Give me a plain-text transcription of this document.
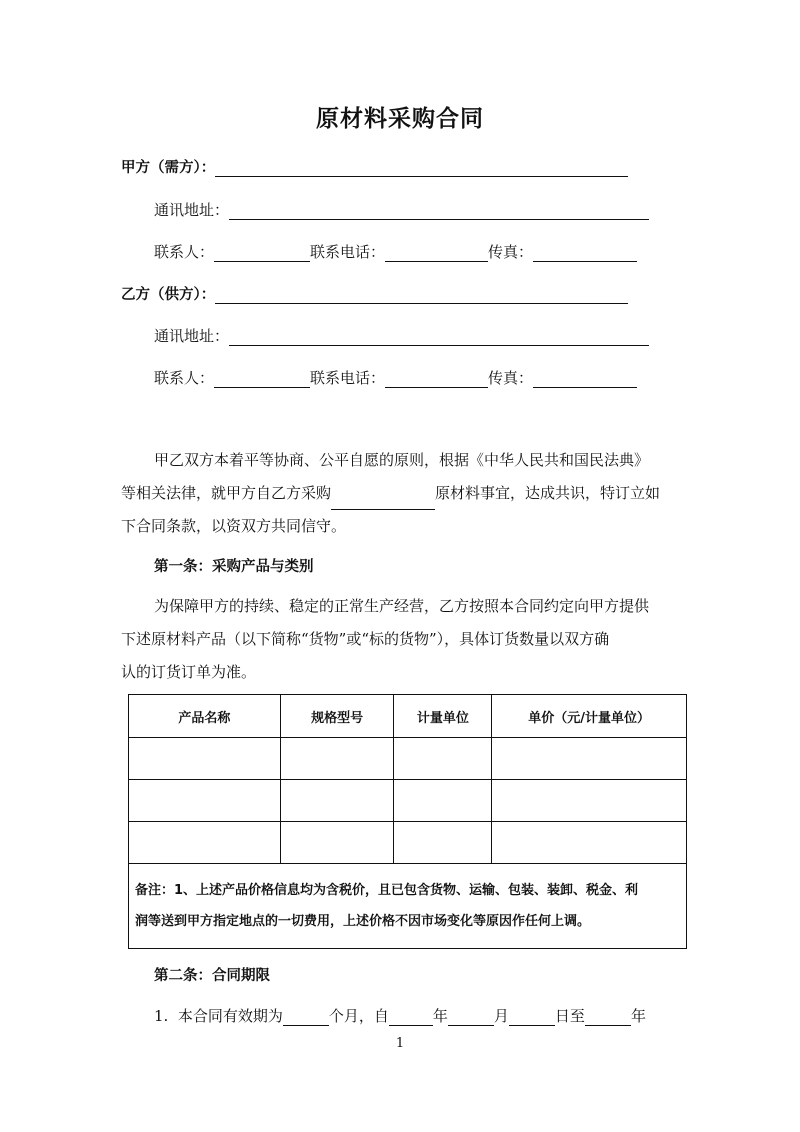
原材料采购合同
甲方（需方）：
通讯地址：
联系人：	联系电话：	传真：
乙方（供方）：
通讯地址：
联系人：	联系电话：	传真：
甲乙双方本着平等协商、公平自愿的原则，根据《中华人民共和国民法典》
等相关法律，就甲方自乙方采购	原材料事宜，达成共识，特订立如
下合同条款，以资双方共同信守。
第一条：采购产品与类别
为保障甲方的持续、稳定的正常生产经营，乙方按照本合同约定向甲方提供
下述原材料产品（以下简称“货物”或“标的货物”），具体订货数量以双方确
认的订货订单为准。
产品名称	规格型号	计量单位	单价（元/计量单位）

备注：1、上述产品价格信息均为含税价，且已包含货物、运输、包装、装卸、税金、利
润等送到甲方指定地点的一切费用，上述价格不因市场变化等原因作任何上调。			
第二条：合同期限
1. 本合同有效期为	个月，自	年	月	日至	年
1
